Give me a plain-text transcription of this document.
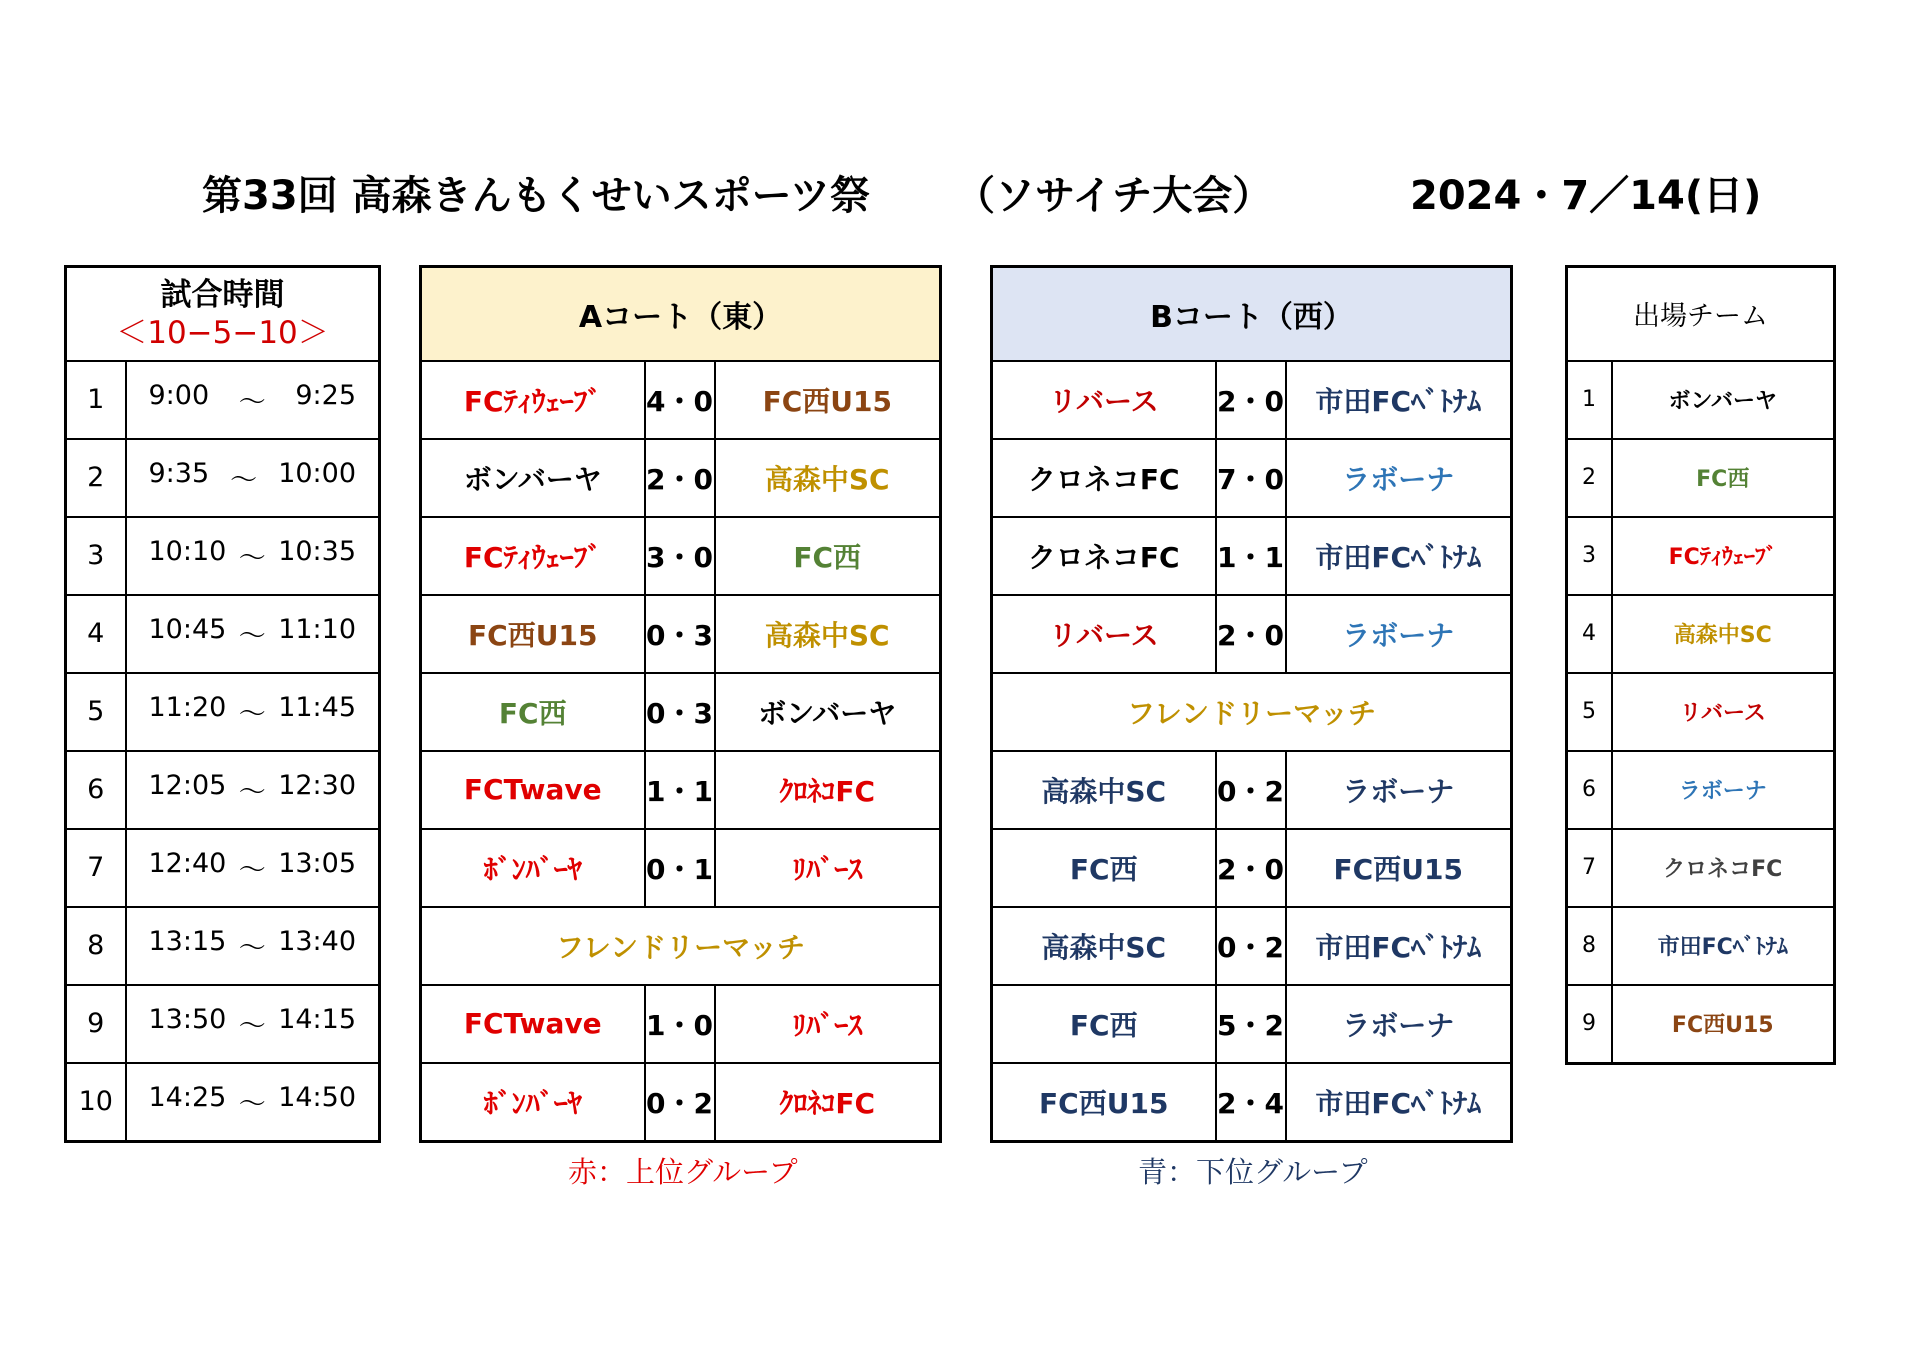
第33回 高森きんもくせいスポーツ祭 （ソサイチ大会）	2024・7／14(日)
試合時間
＜10−5−10＞	

1	9:00 〜 9:25

2	9:35 〜 10:00

3	10:10 〜 10:35

4	10:45 〜 11:10

5	11:20 〜 11:45

6	12:05 〜 12:30

7	12:40 〜 13:05

8	13:15 〜 13:40

9	13:50 〜 14:15

10	14:25 〜 14:50
Aコート（東）		
FCﾃｨｳｪｰﾌﾞ	4・0	FC西U15
ボンバーヤ	2・0	高森中SC
FCﾃｨｳｪｰﾌﾞ	3・0	FC西
FC西U15	0・3	高森中SC
FC西	0・3	ボンバーヤ
FCTwave	1・1	ｸﾛﾈｺFC
ﾎﾞﾝﾊﾞｰﾔ	0・1	ﾘﾊﾞｰｽ
フレンドリーマッチ		
FCTwave	1・0	ﾘﾊﾞｰｽ
ﾎﾞﾝﾊﾞｰﾔ	0・2	ｸﾛﾈｺFC
Bコート（西）		
リバース	2・0	市田FCﾍﾞﾄﾅﾑ
クロネコFC	7・0	ラボーナ
クロネコFC	1・1	市田FCﾍﾞﾄﾅﾑ
リバース	2・0	ラボーナ
フレンドリーマッチ		
高森中SC	0・2	ラボーナ
FC西	2・0	FC西U15
高森中SC	0・2	市田FCﾍﾞﾄﾅﾑ
FC西	5・2	ラボーナ
FC西U15	2・4	市田FCﾍﾞﾄﾅﾑ
出場チーム	
1	ボンバーヤ
2	FC西
3	FCﾃｨｳｪｰﾌﾞ
4	高森中SC
5	リバース
6	ラボーナ
7	クロネコFC
8	市田FCﾍﾞﾄﾅﾑ
9	FC西U15
赤：上位グループ	青：下位グループ
